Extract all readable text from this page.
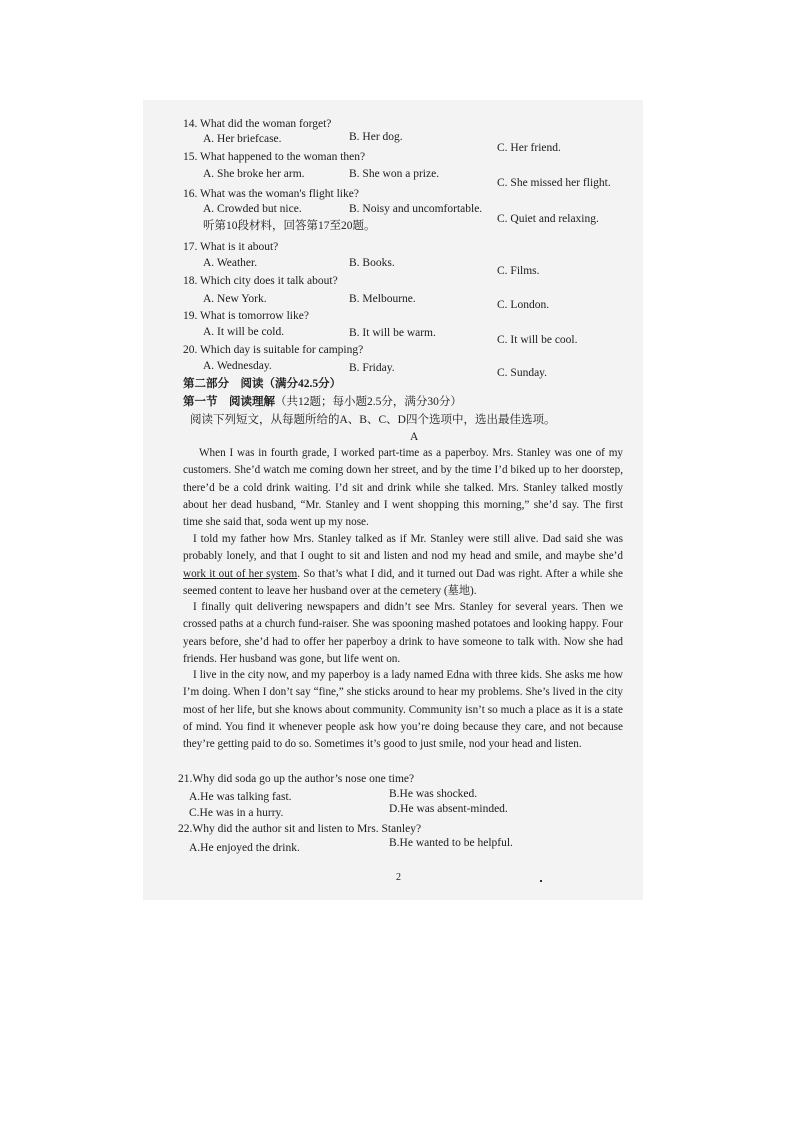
14. What did the woman forget?
A. Her briefcase.	B. Her dog.
C. Her friend.
15. What happened to the woman then?
A. She broke her arm.	B. She won a prize.
C. She missed her flight.
16. What was the woman's flight like?
A. Crowded but nice.	B. Noisy and uncomfortable.
C. Quiet and relaxing.
听第10段材料，回答第17至20题。
17. What is it about?
A. Weather.	B. Books.
C. Films.
18. Which city does it talk about?
A. New York.	B. Melbourne.	C. London.
19. What is tomorrow like?
A. It will be cold.	B. It will be warm.
C. It will be cool.
20. Which day is suitable for camping?
A. Wednesday.	B. Friday.	C. Sunday.
第二部分　阅读（满分42.5分）
第一节　阅读理解（共12题；每小题2.5分，满分30分）
阅读下列短文，从每题所给的A、B、C、D四个选项中，选出最佳选项。
A
When I was in fourth grade, I worked part-time as a paperboy. Mrs. Stanley was one of my customers. She’d watch me coming down her street, and by the time I’d biked up to her doorstep, there’d be a cold drink waiting. I’d sit and drink while she talked. Mrs. Stanley talked mostly about her dead husband, “Mr. Stanley and I went shopping this morning,” she’d say. The first time she said that, soda went up my nose.
I told my father how Mrs. Stanley talked as if Mr. Stanley were still alive. Dad said she was probably lonely, and that I ought to sit and listen and nod my head and smile, and maybe she’d work it out of her system. So that’s what I did, and it turned out Dad was right. After a while she seemed content to leave her husband over at the cemetery (墓地).
I finally quit delivering newspapers and didn’t see Mrs. Stanley for several years. Then we crossed paths at a church fund-raiser. She was spooning mashed potatoes and looking happy. Four years before, she’d had to offer her paperboy a drink to have someone to talk with. Now she had friends. Her husband was gone, but life went on.
I live in the city now, and my paperboy is a lady named Edna with three kids. She asks me how I’m doing. When I don’t say “fine,” she sticks around to hear my problems. She’s lived in the city most of her life, but she knows about community. Community isn’t so much a place as it is a state of mind. You find it whenever people ask how you’re doing because they care, and not because they’re getting paid to do so. Sometimes it’s good to just smile, nod your head and listen.
21.Why did soda go up the author’s nose one time?
A.He was talking fast.	B.He was shocked.
C.He was in a hurry.	D.He was absent-minded.
22.Why did the author sit and listen to Mrs. Stanley?
A.He enjoyed the drink.	B.He wanted to be helpful.
2
